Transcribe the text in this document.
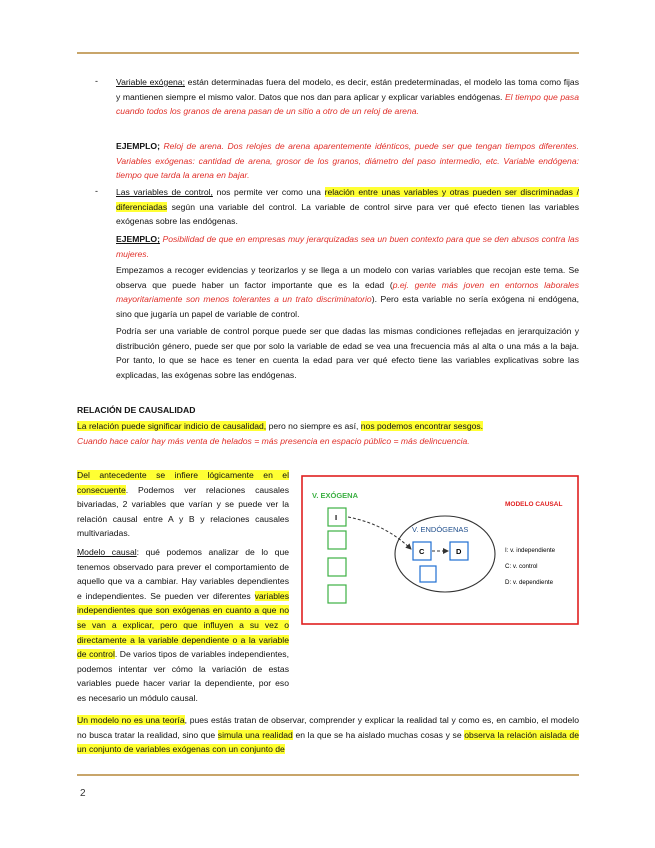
- Variable exógena; están determinadas fuera del modelo, es decir, están predeterminadas, el modelo las toma como fijas y mantienen siempre el mismo valor. Datos que nos dan para aplicar y explicar variables endógenas. El tiempo que pasa cuando todos los granos de arena pasan de un sitio a otro de un reloj de arena.
EJEMPLO; Reloj de arena. Dos relojes de arena aparentemente idénticos, puede ser que tengan tiempos diferentes. Variables exógenas: cantidad de arena, grosor de los granos, diámetro del paso intermedio, etc. Variable endógena: tiempo que tarda la arena en bajar.
- Las variables de control, nos permite ver como una relación entre unas variables y otras pueden ser discriminadas / diferenciadas según una variable del control. La variable de control sirve para ver qué efecto tienen las variables exógenas sobre las endógenas.
EJEMPLO; Posibilidad de que en empresas muy jerarquizadas sea un buen contexto para que se den abusos contra las mujeres.
Empezamos a recoger evidencias y teorizarlos y se llega a un modelo con varias variables que recojan este tema. Se observa que puede haber un factor importante que es la edad (p.ej. gente más joven en entornos laborales mayoritariamente son menos tolerantes a un trato discriminatorio). Pero esta variable no sería exógena ni endógena, sino que jugaría un papel de variable de control.
Podría ser una variable de control porque puede ser que dadas las mismas condiciones reflejadas en jerarquización y distribución género, puede ser que por solo la variable de edad se vea una frecuencia más al alta o una más a la baja. Por tanto, lo que se hace es tener en cuenta la edad para ver qué efecto tiene las variables explicativas sobre las explicadas, las exógenas sobre las endógenas.
RELACIÓN DE CAUSALIDAD
La relación puede significar indicio de causalidad, pero no siempre es así, nos podemos encontrar sesgos.
Cuando hace calor hay más venta de helados = más presencia en espacio público = más delincuencia.
Del antecedente se infiere lógicamente en el consecuente. Podemos ver relaciones causales bivariadas, 2 variables que varían y se puede ver la relación causal entre A y B y relaciones causales multivariadas.
Modelo causal: qué podemos analizar de lo que tenemos observado para prever el comportamiento de aquello que va a cambiar. Hay variables dependientes e independientes. Se pueden ver diferentes variables independientes que son exógenas en cuanto a que no se van a explicar, pero que influyen a su vez o directamente a la variable dependiente o a la variable de control. De varios tipos de variables independientes, podemos intentar ver cómo la variación de estas variables puede hacer variar la dependiente, por eso es necesario un módulo causal.
V. EXÓGENA
I
V. ENDÓGENAS
C	D
MODELO CAUSAL
I: v. independiente
C: v. control
D: v. dependiente
Un modelo no es una teoría, pues estás tratan de observar, comprender y explicar la realidad tal y como es, en cambio, el modelo no busca tratar la realidad, sino que simula una realidad en la que se ha aislado muchas cosas y se observa la relación aislada de un conjunto de variables exógenas con un conjunto de
2
